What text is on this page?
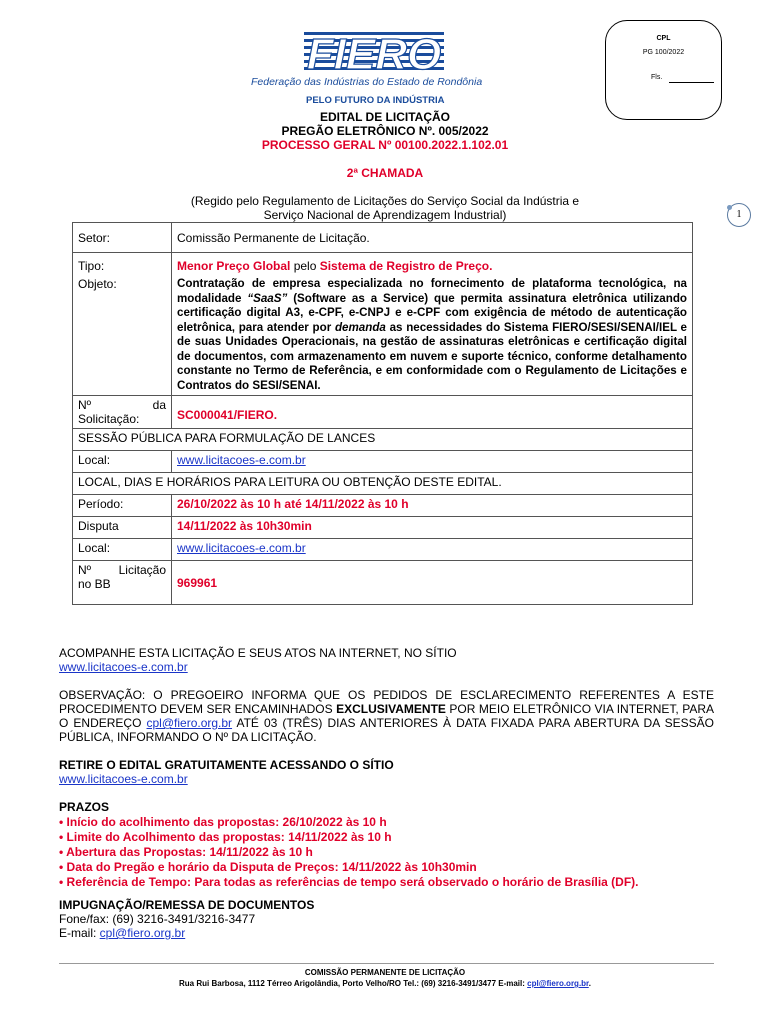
FIERO
Federação das Indústrias do Estado de Rondônia
PELO FUTURO DA INDÚSTRIA
CPL
PG 100/2022
Fls.
1
EDITAL DE LICITAÇÃO
PREGÃO ELETRÔNICO Nº. 005/2022
PROCESSO GERAL Nº 00100.2022.1.102.01
2ª CHAMADA
(Regido pelo Regulamento de Licitações do Serviço Social da Indústria e
Serviço Nacional de Aprendizagem Industrial)
Setor:	Comissão Permanente de Licitação.
Tipo:	Menor Preço Global pelo Sistema de Registro de Preço.
Objeto:	Contratação de empresa especializada no fornecimento de plataforma tecnológica, na modalidade “SaaS” (Software as a Service) que permita assinatura eletrônica utilizando certificação digital A3, e-CPF, e-CNPJ e e-CPF com exigência de método de autenticação eletrônica, para atender por demanda as necessidades do Sistema FIERO/SESI/SENAI/IEL e de suas Unidades Operacionais, na gestão de assinaturas eletrônicas e certificação digital de documentos, com armazenamento em nuvem e suporte técnico, conforme detalhamento constante no Termo de Referência, e em conformidade com o Regulamento de Licitações e Contratos do SESI/SENAI.

Nº da
Solicitação:	SC000041/FIERO.
SESSÃO PÚBLICA PARA FORMULAÇÃO DE LANCES	
Local:	www.licitacoes-e.com.br
LOCAL, DIAS E HORÁRIOS PARA LEITURA OU OBTENÇÃO DESTE EDITAL.	
Período:	26/10/2022 às 10 h até 14/11/2022 às 10 h
Disputa	14/11/2022 às 10h30min
Local:	www.licitacoes-e.com.br

Nº Licitação
no BB	969961
ACOMPANHE ESTA LICITAÇÃO E SEUS ATOS NA INTERNET, NO SÍTIO
www.licitacoes-e.com.br
OBSERVAÇÃO: O PREGOEIRO INFORMA QUE OS PEDIDOS DE ESCLARECIMENTO REFERENTES A ESTE PROCEDIMENTO DEVEM SER ENCAMINHADOS EXCLUSIVAMENTE POR MEIO ELETRÔNICO VIA INTERNET, PARA O ENDEREÇO cpl@fiero.org.br ATÉ 03 (TRÊS) DIAS ANTERIORES À DATA FIXADA PARA ABERTURA DA SESSÃO PÚBLICA, INFORMANDO O Nº DA LICITAÇÃO.
RETIRE O EDITAL GRATUITAMENTE ACESSANDO O SÍTIO
www.licitacoes-e.com.br
PRAZOS
• Início do acolhimento das propostas: 26/10/2022 às 10 h
• Limite do Acolhimento das propostas: 14/11/2022 às 10 h
• Abertura das Propostas: 14/11/2022 às 10 h
• Data do Pregão e horário da Disputa de Preços: 14/11/2022 às 10h30min
• Referência de Tempo: Para todas as referências de tempo será observado o horário de Brasília (DF).
IMPUGNAÇÃO/REMESSA DE DOCUMENTOS
Fone/fax: (69) 3216-3491/3216-3477
E-mail: cpl@fiero.org.br
COMISSÃO PERMANENTE DE LICITAÇÃO
Rua Rui Barbosa, 1112 Térreo Arigolândia, Porto Velho/RO Tel.: (69) 3216-3491/3477 E-mail: cpl@fiero.org.br.
